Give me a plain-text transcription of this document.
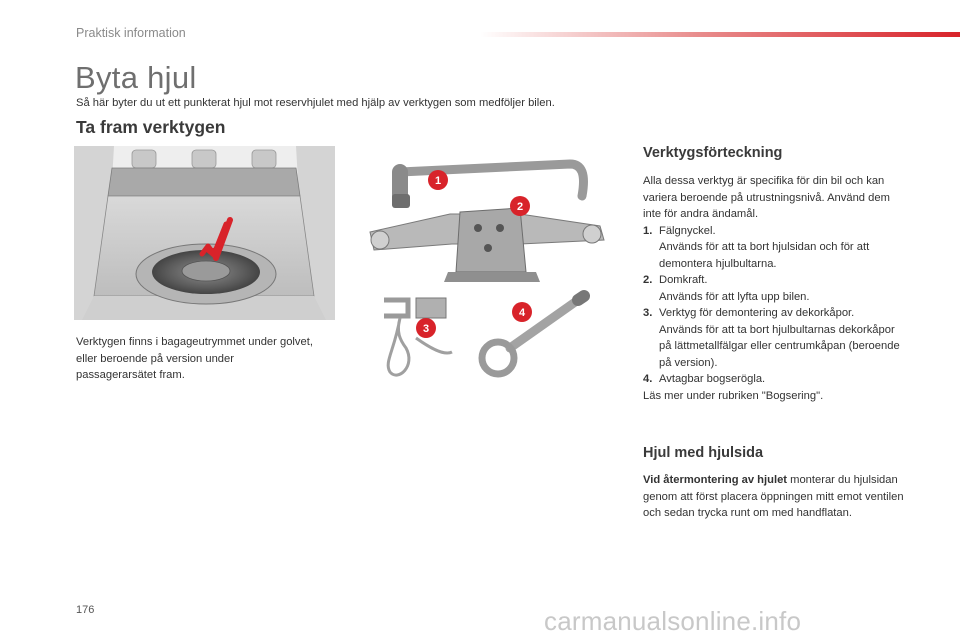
Praktisk information
Byta hjul
Så här byter du ut ett punkterat hjul mot reservhjulet med hjälp av verktygen som medföljer bilen.
Ta fram verktygen
1
2
3
4
Verktygen finns i bagageutrymmet under golvet, eller beroende på version under passagerarsätet fram.
Verktygsförteckning

Alla dessa verktyg är specifika för din bil och kan variera beroende på utrustningsnivå. Använd dem inte för andra ändamål.

1. Fälgnyckel.
Används för att ta bort hjulsidan och för att demontera hjulbultarna.
2. Domkraft.
Används för att lyfta upp bilen.
3. Verktyg för demontering av dekorkåpor.
Används för att ta bort hjulbultarnas dekorkåpor på lättmetallfälgar eller centrumkåpan (beroende på version).
4. Avtagbar bogserögla.

Läs mer under rubriken "Bogsering".

Hjul med hjulsida

Vid återmontering av hjulet monterar du hjulsidan genom att först placera öppningen mitt emot ventilen och sedan trycka runt om med handflatan.

176	carmanualsonline.info
